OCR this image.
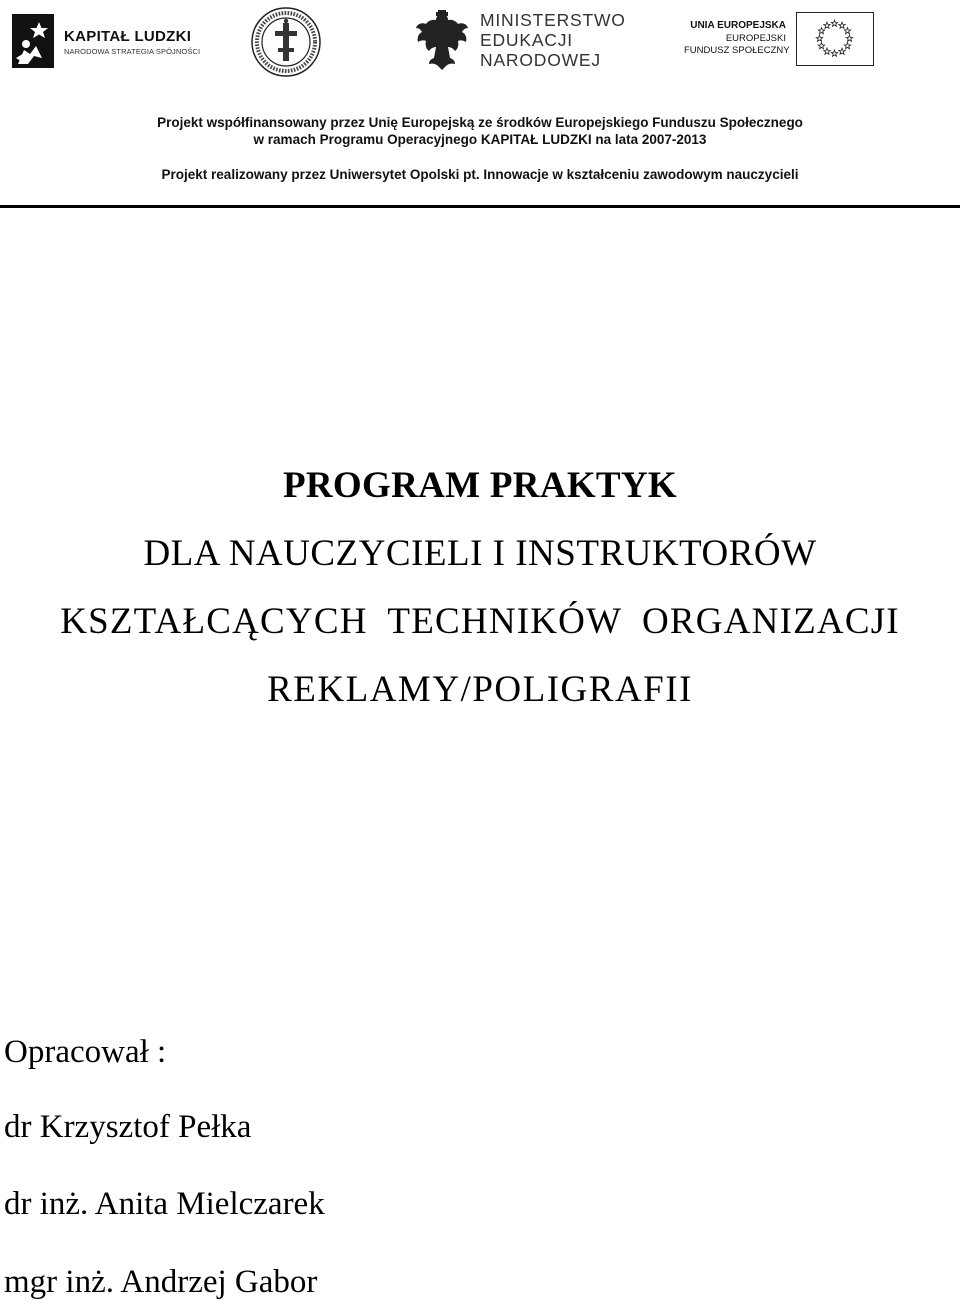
KAPITAŁ LUDZKI
NARODOWA STRATEGIA SPÓJNOŚCI
MINISTERSTWO
EDUKACJI
NARODOWEJ
UNIA EUROPEJSKA
EUROPEJSKI
FUNDUSZ SPOŁECZNY
Projekt współfinansowany przez Unię Europejską ze środków Europejskiego Funduszu Społecznego
w ramach Programu Operacyjnego KAPITAŁ LUDZKI na lata 2007-2013
Projekt realizowany przez Uniwersytet Opolski pt. Innowacje w kształceniu zawodowym nauczycieli
PROGRAM PRAKTYK
DLA NAUCZYCIELI I INSTRUKTORÓW
KSZTAŁCĄCYCH TECHNIKÓW ORGANIZACJI
REKLAMY/POLIGRAFII
Opracował :
dr Krzysztof Pełka
dr inż. Anita Mielczarek
mgr inż. Andrzej Gabor
